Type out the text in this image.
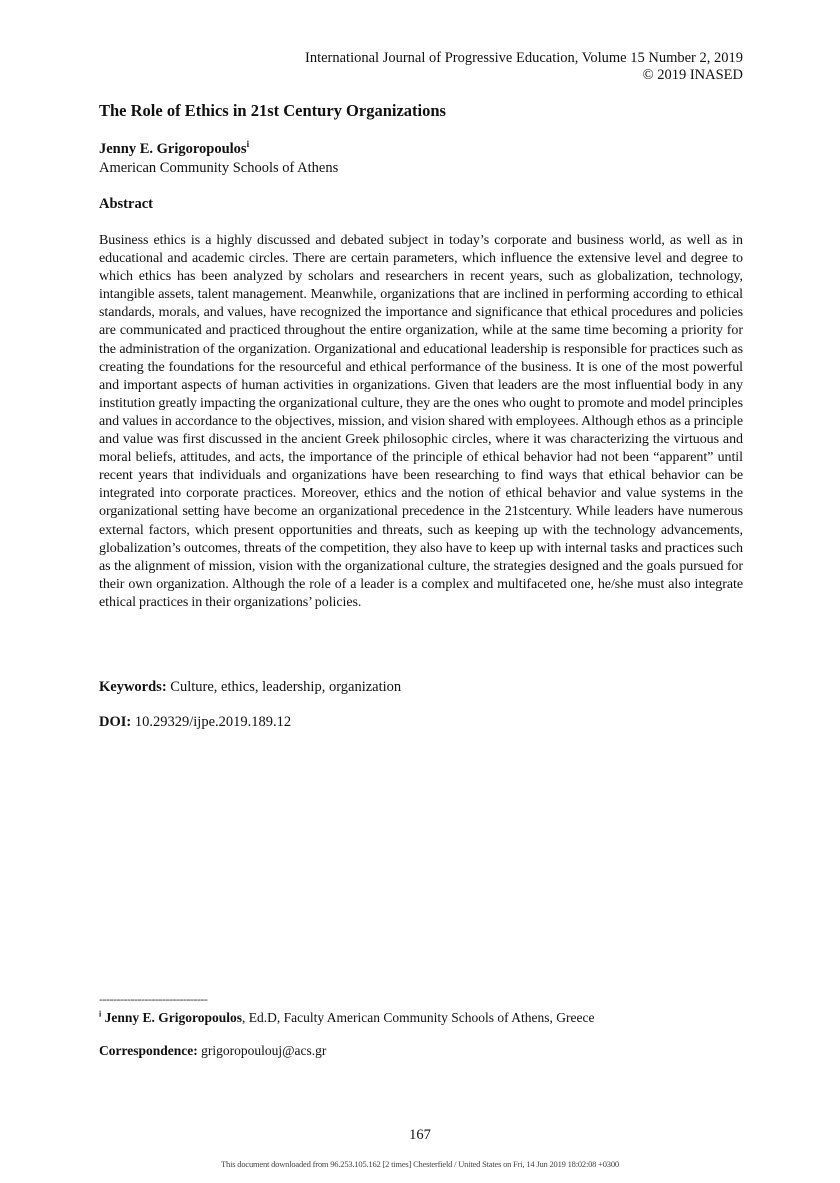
International Journal of Progressive Education, Volume 15 Number 2, 2019
© 2019 INASED
The Role of Ethics in 21st Century Organizations
Jenny E. Grigoropoulos$^i$
American Community Schools of Athens
Abstract
Business ethics is a highly discussed and debated subject in today’s corporate and business world, as well as in educational and academic circles. There are certain parameters, which influence the extensive level and degree to which ethics has been analyzed by scholars and researchers in recent years, such as globalization, technology, intangible assets, talent management. Meanwhile, organizations that are inclined in performing according to ethical standards, morals, and values, have recognized the importance and significance that ethical procedures and policies are communicated and practiced throughout the entire organization, while at the same time becoming a priority for the administration of the organization. Organizational and educational leadership is responsible for practices such as creating the foundations for the resourceful and ethical performance of the business. It is one of the most powerful and important aspects of human activities in organizations. Given that leaders are the most influential body in any institution greatly impacting the organizational culture, they are the ones who ought to promote and model principles and values in accordance to the objectives, mission, and vision shared with employees. Although ethos as a principle and value was first discussed in the ancient Greek philosophic circles, where it was characterizing the virtuous and moral beliefs, attitudes, and acts, the importance of the principle of ethical behavior had not been “apparent” until recent years that individuals and organizations have been researching to find ways that ethical behavior can be integrated into corporate practices. Moreover, ethics and the notion of ethical behavior and value systems in the organizational setting have become an organizational precedence in the 21stcentury. While leaders have numerous external factors, which present opportunities and threats, such as keeping up with the technology advancements, globalization’s outcomes, threats of the competition, they also have to keep up with internal tasks and practices such as the alignment of mission, vision with the organizational culture, the strategies designed and the goals pursued for their own organization. Although the role of a leader is a complex and multifaceted one, he/she must also integrate ethical practices in their organizations’ policies.
Keywords: Culture, ethics, leadership, organization
DOI: 10.29329/ijpe.2019.189.12
-------------------------------
$^i$ Jenny E. Grigoropoulos, Ed.D, Faculty American Community Schools of Athens, Greece
Correspondence: grigoropoulouj@acs.gr
167
This document downloaded from 96.253.105.162 [2 times] Chesterfield / United States on Fri, 14 Jun 2019 18:02:08 +0300
